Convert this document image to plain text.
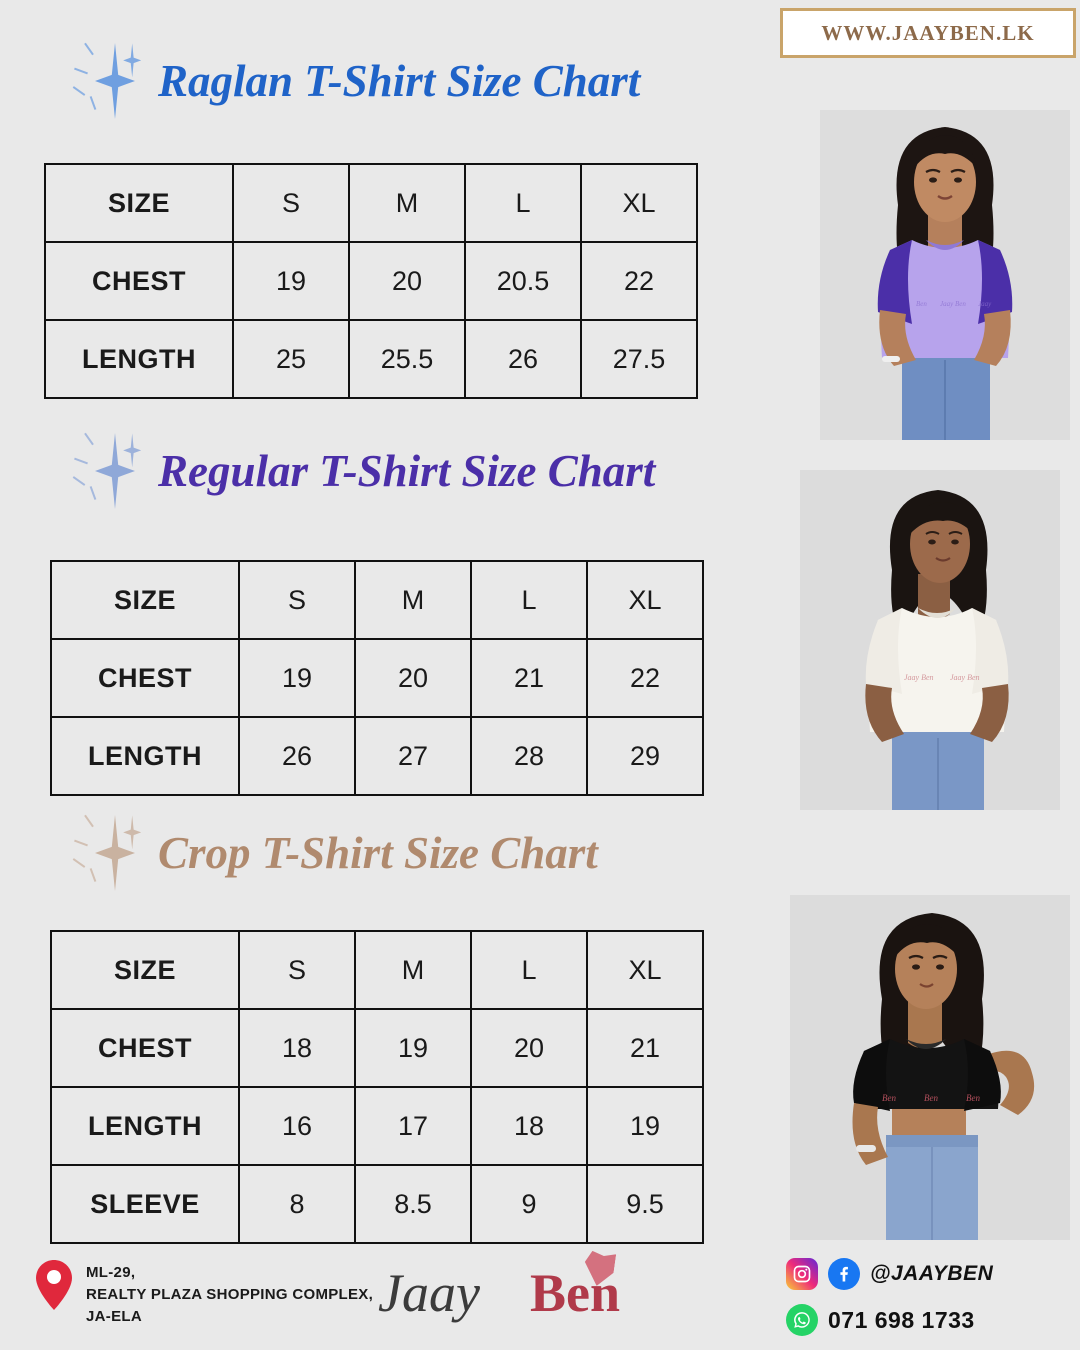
WWW.JAAYBEN.LK
Raglan T-Shirt Size Chart
SIZE	S	M	L	XL
CHEST	19	20	20.5	22
LENGTH	25	25.5	26	27.5
Ben Jaay Ben Jaay
Regular T-Shirt Size Chart
SIZE	S	M	L	XL
CHEST	19	20	21	22
LENGTH	26	27	28	29
Jaay Ben Jaay Ben
Crop T-Shirt Size Chart
SIZE	S	M	L	XL
CHEST	18	19	20	21
LENGTH	16	17	18	19
SLEEVE	8	8.5	9	9.5
Ben	Ben	Ben
ML-29,
REALTY PLAZA SHOPPING COMPLEX,
JA-ELA	Jaay Ben	@JAAYBEN
071 698 1733
